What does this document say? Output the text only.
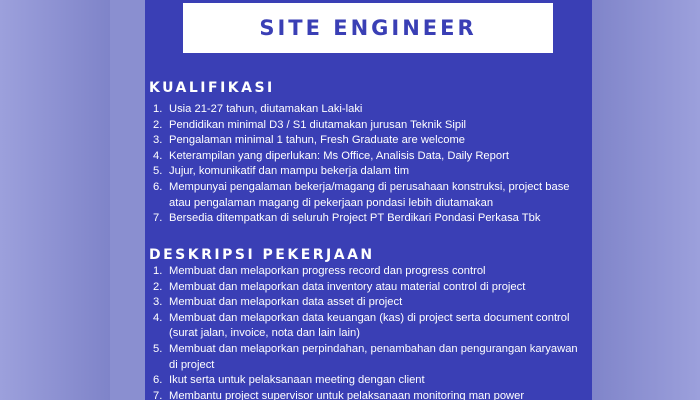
SITE ENGINEER
KUALIFIKASI
1. Usia 21-27 tahun, diutamakan Laki-laki
2. Pendidikan minimal D3 / S1 diutamakan jurusan Teknik Sipil
3. Pengalaman minimal 1 tahun, Fresh Graduate are welcome
4. Keterampilan yang diperlukan: Ms Office, Analisis Data, Daily Report
5. Jujur, komunikatif dan mampu bekerja dalam tim
6. Mempunyai pengalaman bekerja/magang di perusahaan konstruksi, project base atau pengalaman magang di pekerjaan pondasi lebih diutamakan
7. Bersedia ditempatkan di seluruh Project PT Berdikari Pondasi Perkasa Tbk
DESKRIPSI PEKERJAAN
1. Membuat dan melaporkan progress record dan progress control
2. Membuat dan melaporkan data inventory atau material control di project
3. Membuat dan melaporkan data asset di project
4. Membuat dan melaporkan data keuangan (kas) di project serta document control (surat jalan, invoice, nota dan lain lain)
5. Membuat dan melaporkan perpindahan, penambahan dan pengurangan karyawan di project
6. Ikut serta untuk pelaksanaan meeting dengan client
7. Membantu project supervisor untuk pelaksanaan monitoring man power
